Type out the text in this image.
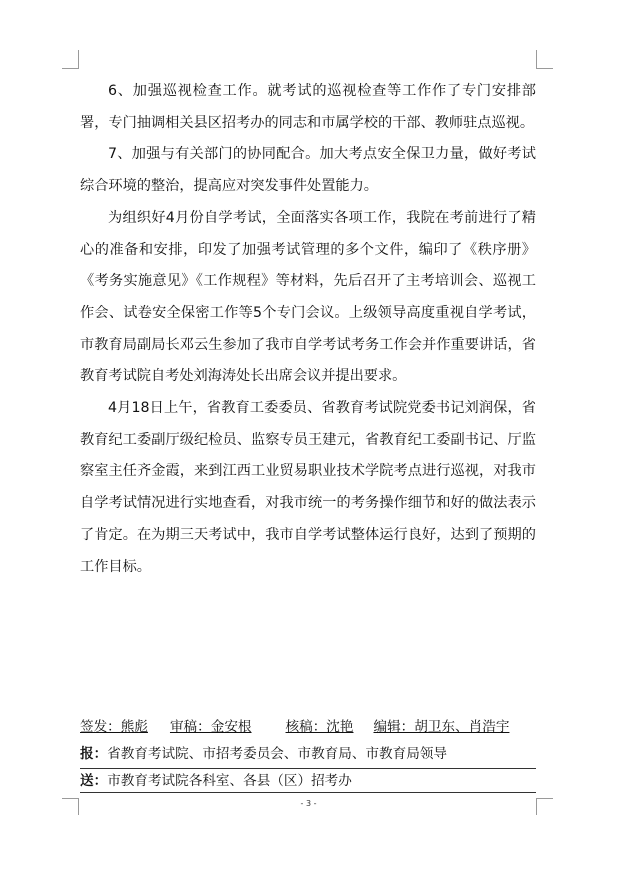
6、加强巡视检查工作。就考试的巡视检查等工作作了专门安排部署，专门抽调相关县区招考办的同志和市属学校的干部、教师驻点巡视。

7、加强与有关部门的协同配合。加大考点安全保卫力量，做好考试综合环境的整治，提高应对突发事件处置能力。

为组织好4月份自学考试，全面落实各项工作，我院在考前进行了精心的准备和安排，印发了加强考试管理的多个文件，编印了《秩序册》《考务实施意见》《工作规程》等材料，先后召开了主考培训会、巡视工作会、试卷安全保密工作等5个专门会议。上级领导高度重视自学考试，市教育局副局长邓云生参加了我市自学考试考务工作会并作重要讲话，省教育考试院自考处刘海涛处长出席会议并提出要求。

4月18日上午，省教育工委委员、省教育考试院党委书记刘润保，省教育纪工委副厅级纪检员、监察专员王建元，省教育纪工委副书记、厅监察室主任齐金霞，来到江西工业贸易职业技术学院考点进行巡视，对我市自学考试情况进行实地查看，对我市统一的考务操作细节和好的做法表示了肯定。在为期三天考试中，我市自学考试整体运行良好，达到了预期的工作目标。

签发：熊彪 审稿：金安根	核稿：沈艳 编辑：胡卫东、肖浩宇
报：省教育考试院、市招考委员会、市教育局、市教育局领导
送：市教育考试院各科室、各县（区）招考办
- 3 -
